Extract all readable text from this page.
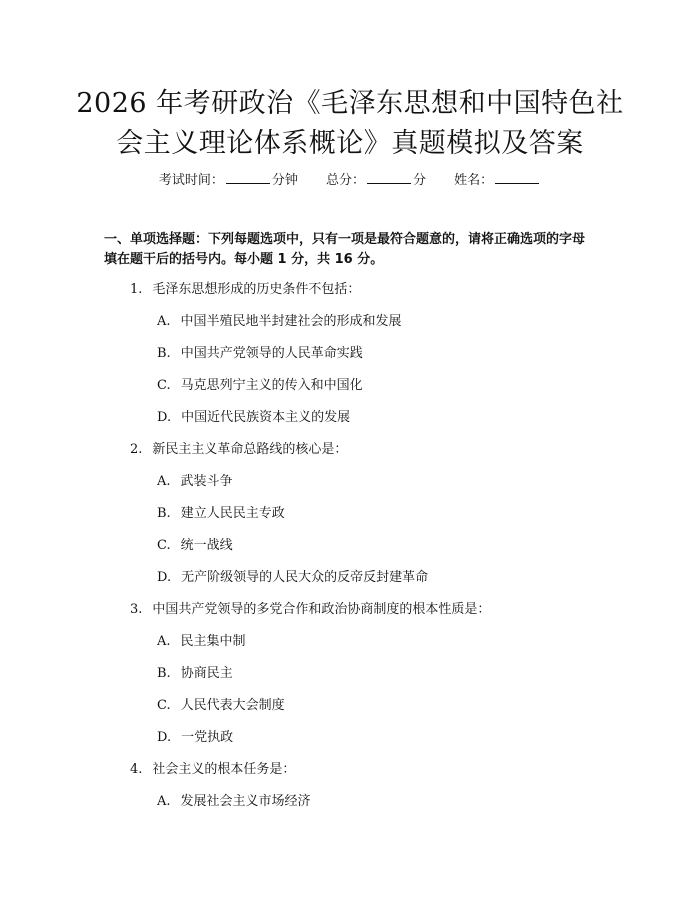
2026 年考研政治《毛泽东思想和中国特色社
会主义理论体系概论》真题模拟及答案
考试时间：	分钟 总分：	分 姓名：
一、单项选择题：下列每题选项中，只有一项是最符合题意的，请将正确选项的字母填在题干后的括号内。每小题 1 分，共 16 分。
1. 毛泽东思想形成的历史条件不包括：
A. 中国半殖民地半封建社会的形成和发展
B. 中国共产党领导的人民革命实践
C. 马克思列宁主义的传入和中国化
D. 中国近代民族资本主义的发展
2. 新民主主义革命总路线的核心是：
A. 武装斗争
B. 建立人民民主专政
C. 统一战线
D. 无产阶级领导的人民大众的反帝反封建革命
3. 中国共产党领导的多党合作和政治协商制度的根本性质是：
A. 民主集中制
B. 协商民主
C. 人民代表大会制度
D. 一党执政
4. 社会主义的根本任务是：
A. 发展社会主义市场经济
